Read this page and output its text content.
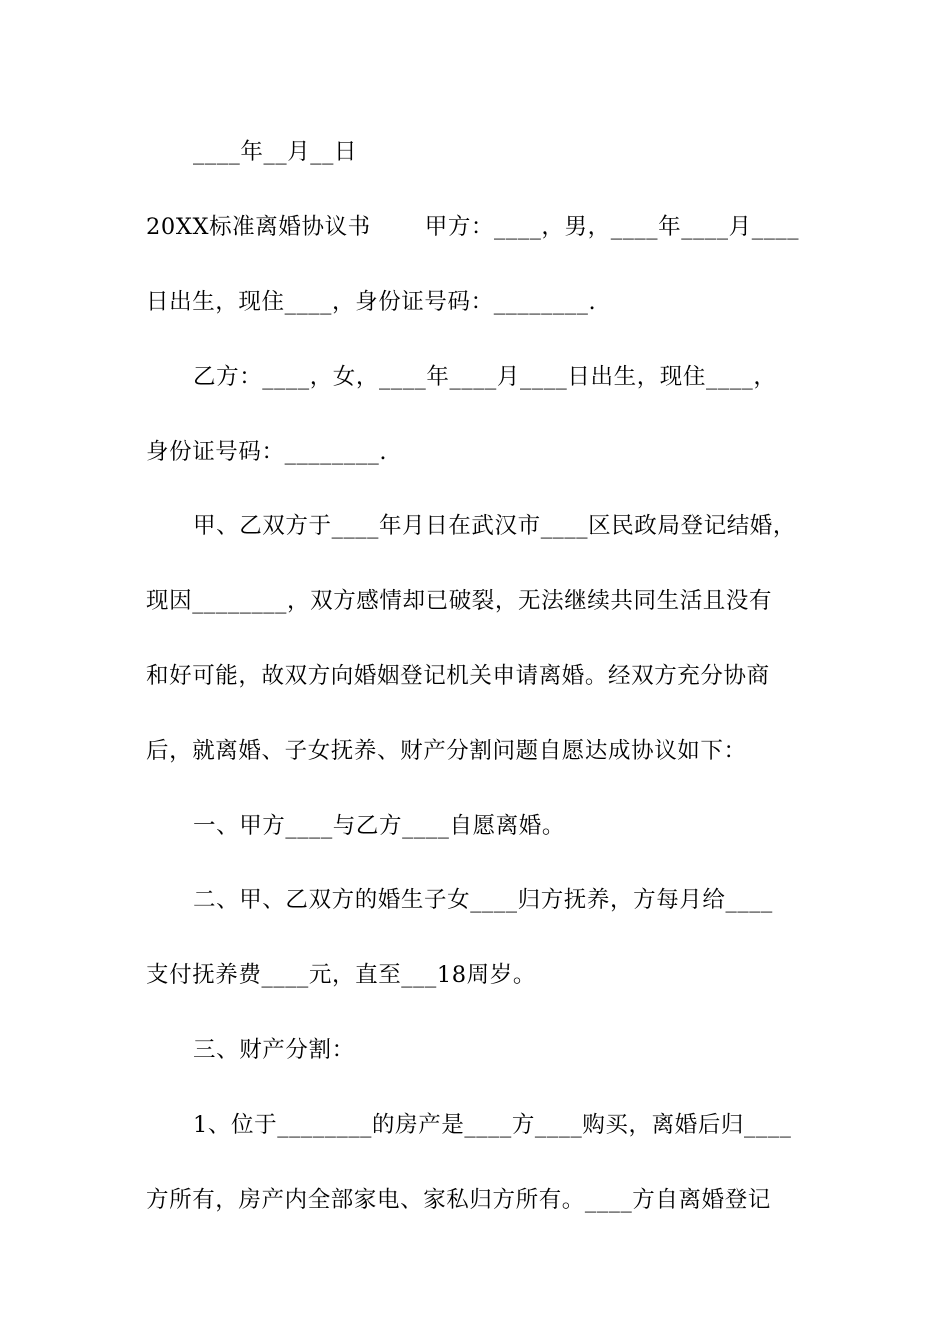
____年__月__日
20XX标准离婚协议书　　 甲方：____，男，____年____月____
日出生，现住____，身份证号码：________.
乙方：____，女，____年____月____日出生，现住____，
身份证号码：________.
甲、乙双方于____年月日在武汉市____区民政局登记结婚，
现因________，双方感情却已破裂，无法继续共同生活且没有
和好可能，故双方向婚姻登记机关申请离婚。经双方充分协商
后，就离婚、子女抚养、财产分割问题自愿达成协议如下：
一、甲方____与乙方____自愿离婚。
二、甲、乙双方的婚生子女____归方抚养，方每月给____
支付抚养费____元，直至___18周岁。
三、财产分割：
1、位于________的房产是____方____购买，离婚后归____
方所有，房产内全部家电、家私归方所有。____方自离婚登记
